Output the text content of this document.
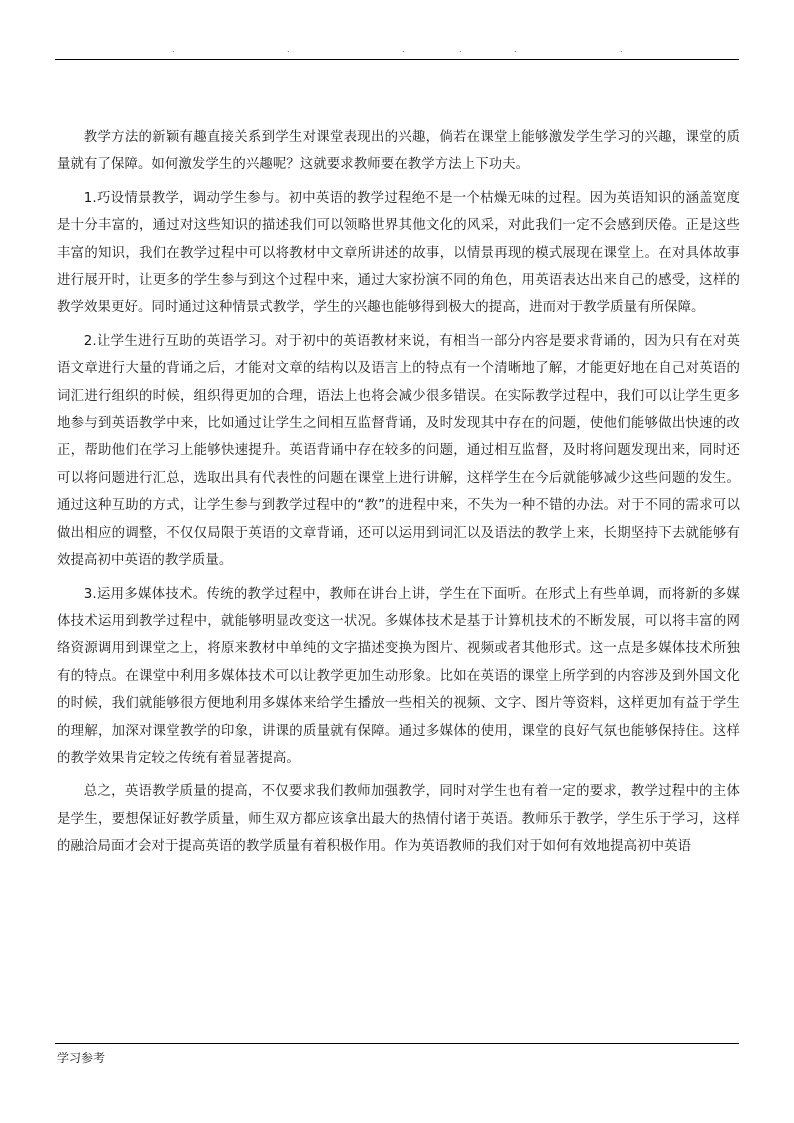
.	.	.	.	.	.

教学方法的新颖有趣直接关系到学生对课堂表现出的兴趣，倘若在课堂上能够激发学生学习的兴趣，课堂的质量就有了保障。如何激发学生的兴趣呢？这就要求教师要在教学方法上下功夫。

1.巧设情景教学，调动学生参与。初中英语的教学过程绝不是一个枯燥无味的过程。因为英语知识的涵盖宽度是十分丰富的，通过对这些知识的描述我们可以领略世界其他文化的风采，对此我们一定不会感到厌倦。正是这些丰富的知识，我们在教学过程中可以将教材中文章所讲述的故事，以情景再现的模式展现在课堂上。在对具体故事进行展开时，让更多的学生参与到这个过程中来，通过大家扮演不同的角色，用英语表达出来自己的感受，这样的教学效果更好。同时通过这种情景式教学，学生的兴趣也能够得到极大的提高，进而对于教学质量有所保障。

2.让学生进行互助的英语学习。对于初中的英语教材来说，有相当一部分内容是要求背诵的，因为只有在对英语文章进行大量的背诵之后，才能对文章的结构以及语言上的特点有一个清晰地了解，才能更好地在自己对英语的词汇进行组织的时候，组织得更加的合理，语法上也将会减少很多错误。在实际教学过程中，我们可以让学生更多地参与到英语教学中来，比如通过让学生之间相互监督背诵，及时发现其中存在的问题，使他们能够做出快速的改正，帮助他们在学习上能够快速提升。英语背诵中存在较多的问题，通过相互监督，及时将问题发现出来，同时还可以将问题进行汇总，选取出具有代表性的问题在课堂上进行讲解，这样学生在今后就能够减少这些问题的发生。通过这种互助的方式，让学生参与到教学过程中的“教”的进程中来，不失为一种不错的办法。对于不同的需求可以做出相应的调整，不仅仅局限于英语的文章背诵，还可以运用到词汇以及语法的教学上来，长期坚持下去就能够有效提高初中英语的教学质量。

3.运用多媒体技术。传统的教学过程中，教师在讲台上讲，学生在下面听。在形式上有些单调，而将新的多媒体技术运用到教学过程中，就能够明显改变这一状况。多媒体技术是基于计算机技术的不断发展，可以将丰富的网络资源调用到课堂之上，将原来教材中单纯的文字描述变换为图片、视频或者其他形式。这一点是多媒体技术所独有的特点。在课堂中利用多媒体技术可以让教学更加生动形象。比如在英语的课堂上所学到的内容涉及到外国文化的时候，我们就能够很方便地利用多媒体来给学生播放一些相关的视频、文字、图片等资料，这样更加有益于学生的理解，加深对课堂教学的印象，讲课的质量就有保障。通过多媒体的使用，课堂的良好气氛也能够保持住。这样的教学效果肯定较之传统有着显著提高。

总之，英语教学质量的提高，不仅要求我们教师加强教学，同时对学生也有着一定的要求，教学过程中的主体是学生，要想保证好教学质量，师生双方都应该拿出最大的热情付诸于英语。教师乐于教学，学生乐于学习，这样的融洽局面才会对于提高英语的教学质量有着积极作用。作为英语教师的我们对于如何有效地提高初中英语

学习参考
